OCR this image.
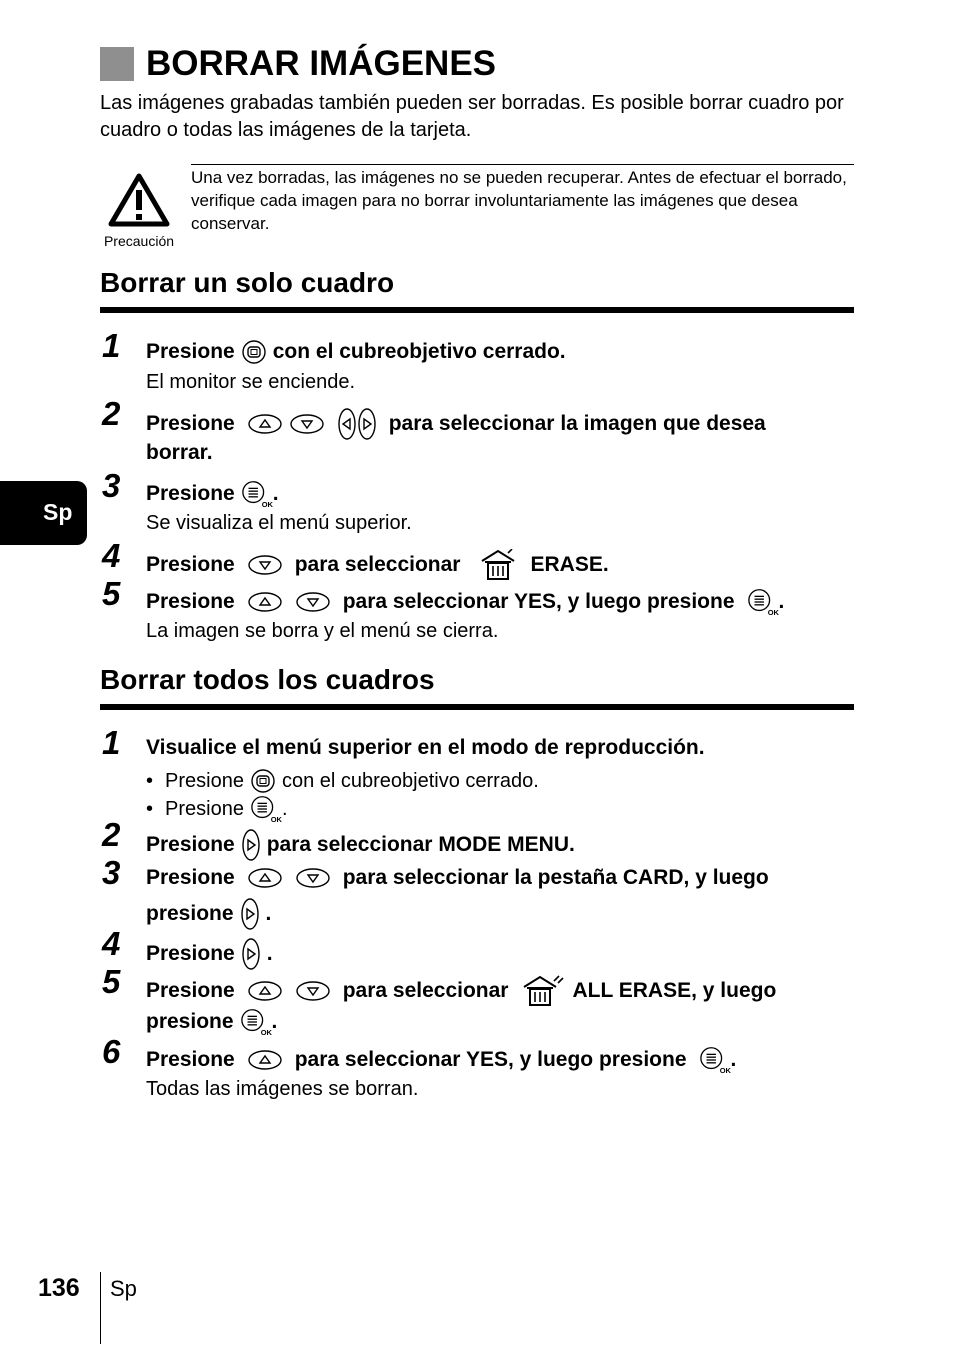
BORRAR IMÁGENES
Las imágenes grabadas también pueden ser borradas. Es posible borrar cuadro por cuadro o todas las imágenes de la tarjeta.
Precaución
Una vez borradas, las imágenes no se pueden recuperar. Antes de efectuar el borrado, verifique cada imagen para no borrar involuntariamente las imágenes que desea conservar.
Borrar un solo cuadro
1 Presione con el cubreobjetivo cerrado.
El monitor se enciende.
2 Presione	para seleccionar la imagen que desea
borrar.
3 Presione .
Se visualiza el menú superior.
4 Presione	para seleccionar	ERASE.
5 Presione	para seleccionar YES, y luego presione .
La imagen se borra y el menú se cierra.
Borrar todos los cuadros
1 Visualice el menú superior en el modo de reproducción.
• Presione con el cubreobjetivo cerrado.
• Presione .
2 Presione para seleccionar MODE MENU.
3 Presione	para seleccionar la pestaña CARD, y luego
presione .
4 Presione .
5 Presione	para seleccionar	ALL ERASE, y luego
presione .
6 Presione	para seleccionar YES, y luego presione .
Todas las imágenes se borran.
Sp
136 Sp
